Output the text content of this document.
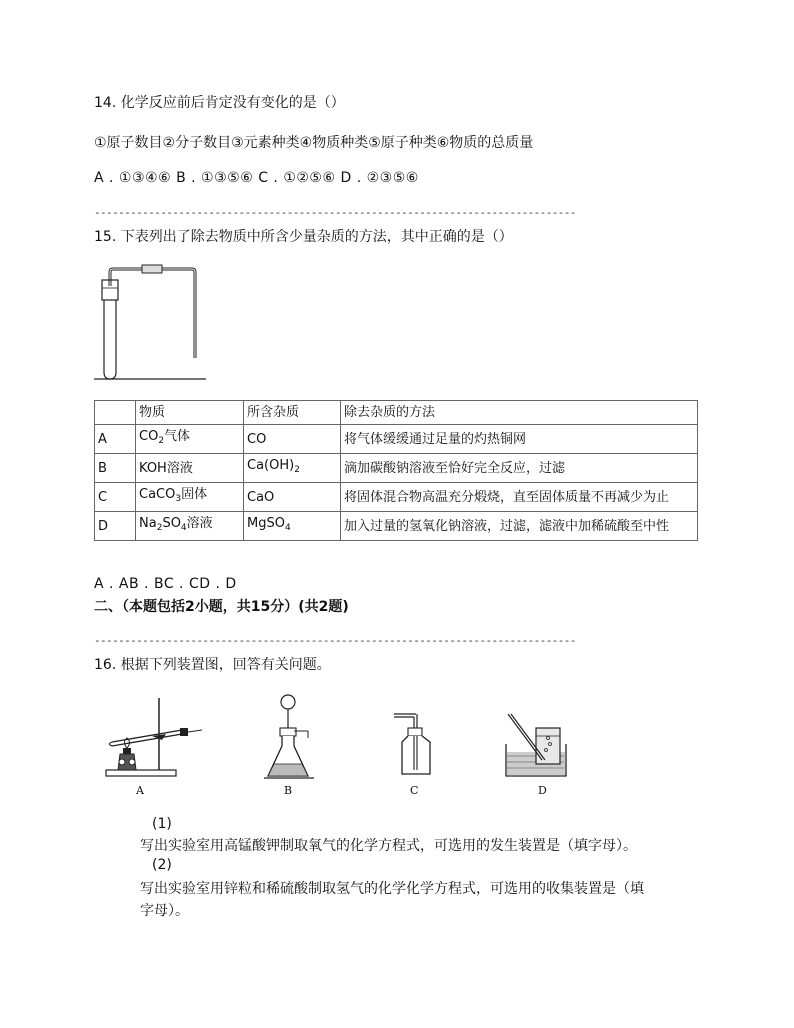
14. 化学反应前后肯定没有变化的是（）
①原子数目②分子数目③元素种类④物质种类⑤原子种类⑥物质的总质量
A . ①③④⑥ B . ①③⑤⑥ C . ①②⑤⑥ D . ②③⑤⑥
--------------------------------------------------------------------------------
15. 下表列出了除去物质中所含少量杂质的方法，其中正确的是（）
	物质	所含杂质	除去杂质的方法
A	$CO_2$气体	CO	将气体缓缓通过足量的灼热铜网
B	KOH溶液	$Ca(OH)_2$	滴加碳酸钠溶液至恰好完全反应，过滤
C	CaCO$_3$固体	CaO	将固体混合物高温充分煅烧，直至固体质量不再减少为止
D	$Na_2SO_4$溶液	MgSO$_4$	加入过量的氢氧化钠溶液，过滤，滤液中加稀硫酸至中性
A . AB . BC . CD . D
二、（本题包括2小题，共15分）(共2题)
--------------------------------------------------------------------------------
16. 根据下列装置图，回答有关问题。
A	B	C	D
(1)
写出实验室用高锰酸钾制取氧气的化学方程式，可选用的发生装置是（填字母）。
(2)
写出实验室用锌粒和稀硫酸制取氢气的化学化学方程式，可选用的收集装置是（填
字母）。
